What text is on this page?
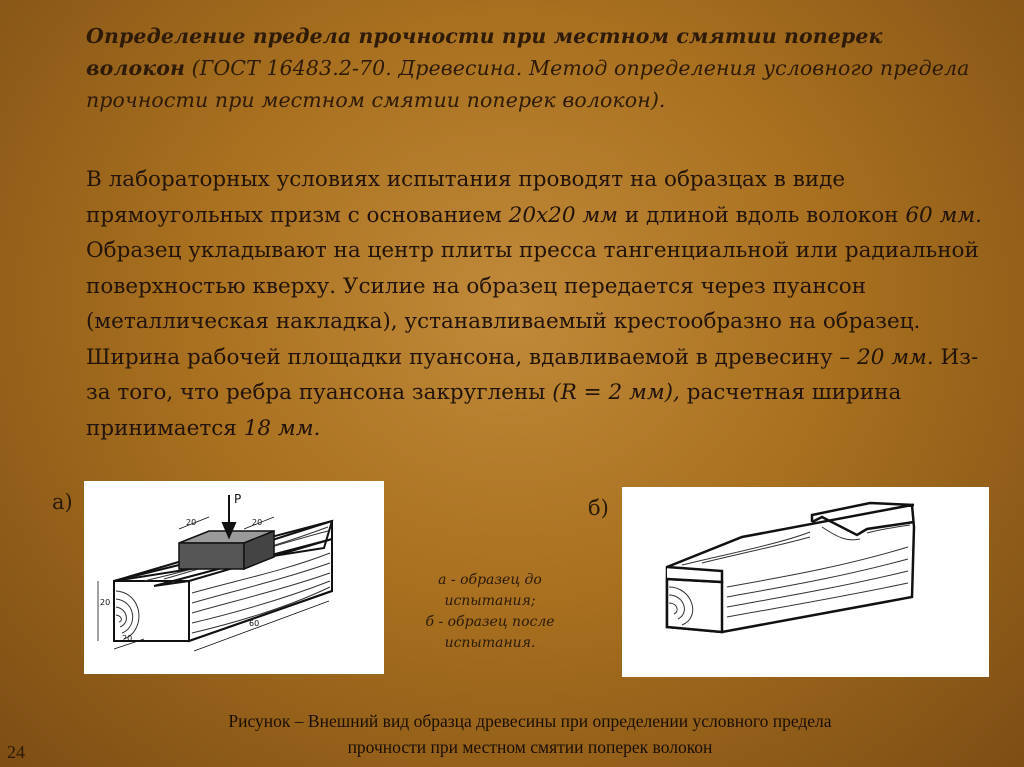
Определение предела прочности при местном смятии поперек волокон (ГОСТ 16483.2-70. Древесина. Метод определения условного предела прочности при местном смятии поперек волокон).
В лабораторных условиях испытания проводят на образцах в виде прямоугольных призм с основанием 20х20 мм и длиной вдоль волокон 60 мм. Образец укладывают на центр плиты пресса тангенциальной или радиальной поверхностью кверху. Усилие на образец передается через пуансон (металлическая накладка), устанавливаемый крестообразно на образец. Ширина рабочей площадки пуансона, вдавливаемой в древесину – 20 мм. Из-за того, что ребра пуансона закруглены (R = 2 мм), расчетная ширина принимается 18 мм.
а)	б)
P
20	20
20
20
60
а - образец до
испытания;
б - образец после
испытания.
Рисунок – Внешний вид образца древесины при определении условного предела
прочности при местном смятии поперек волокон
24
